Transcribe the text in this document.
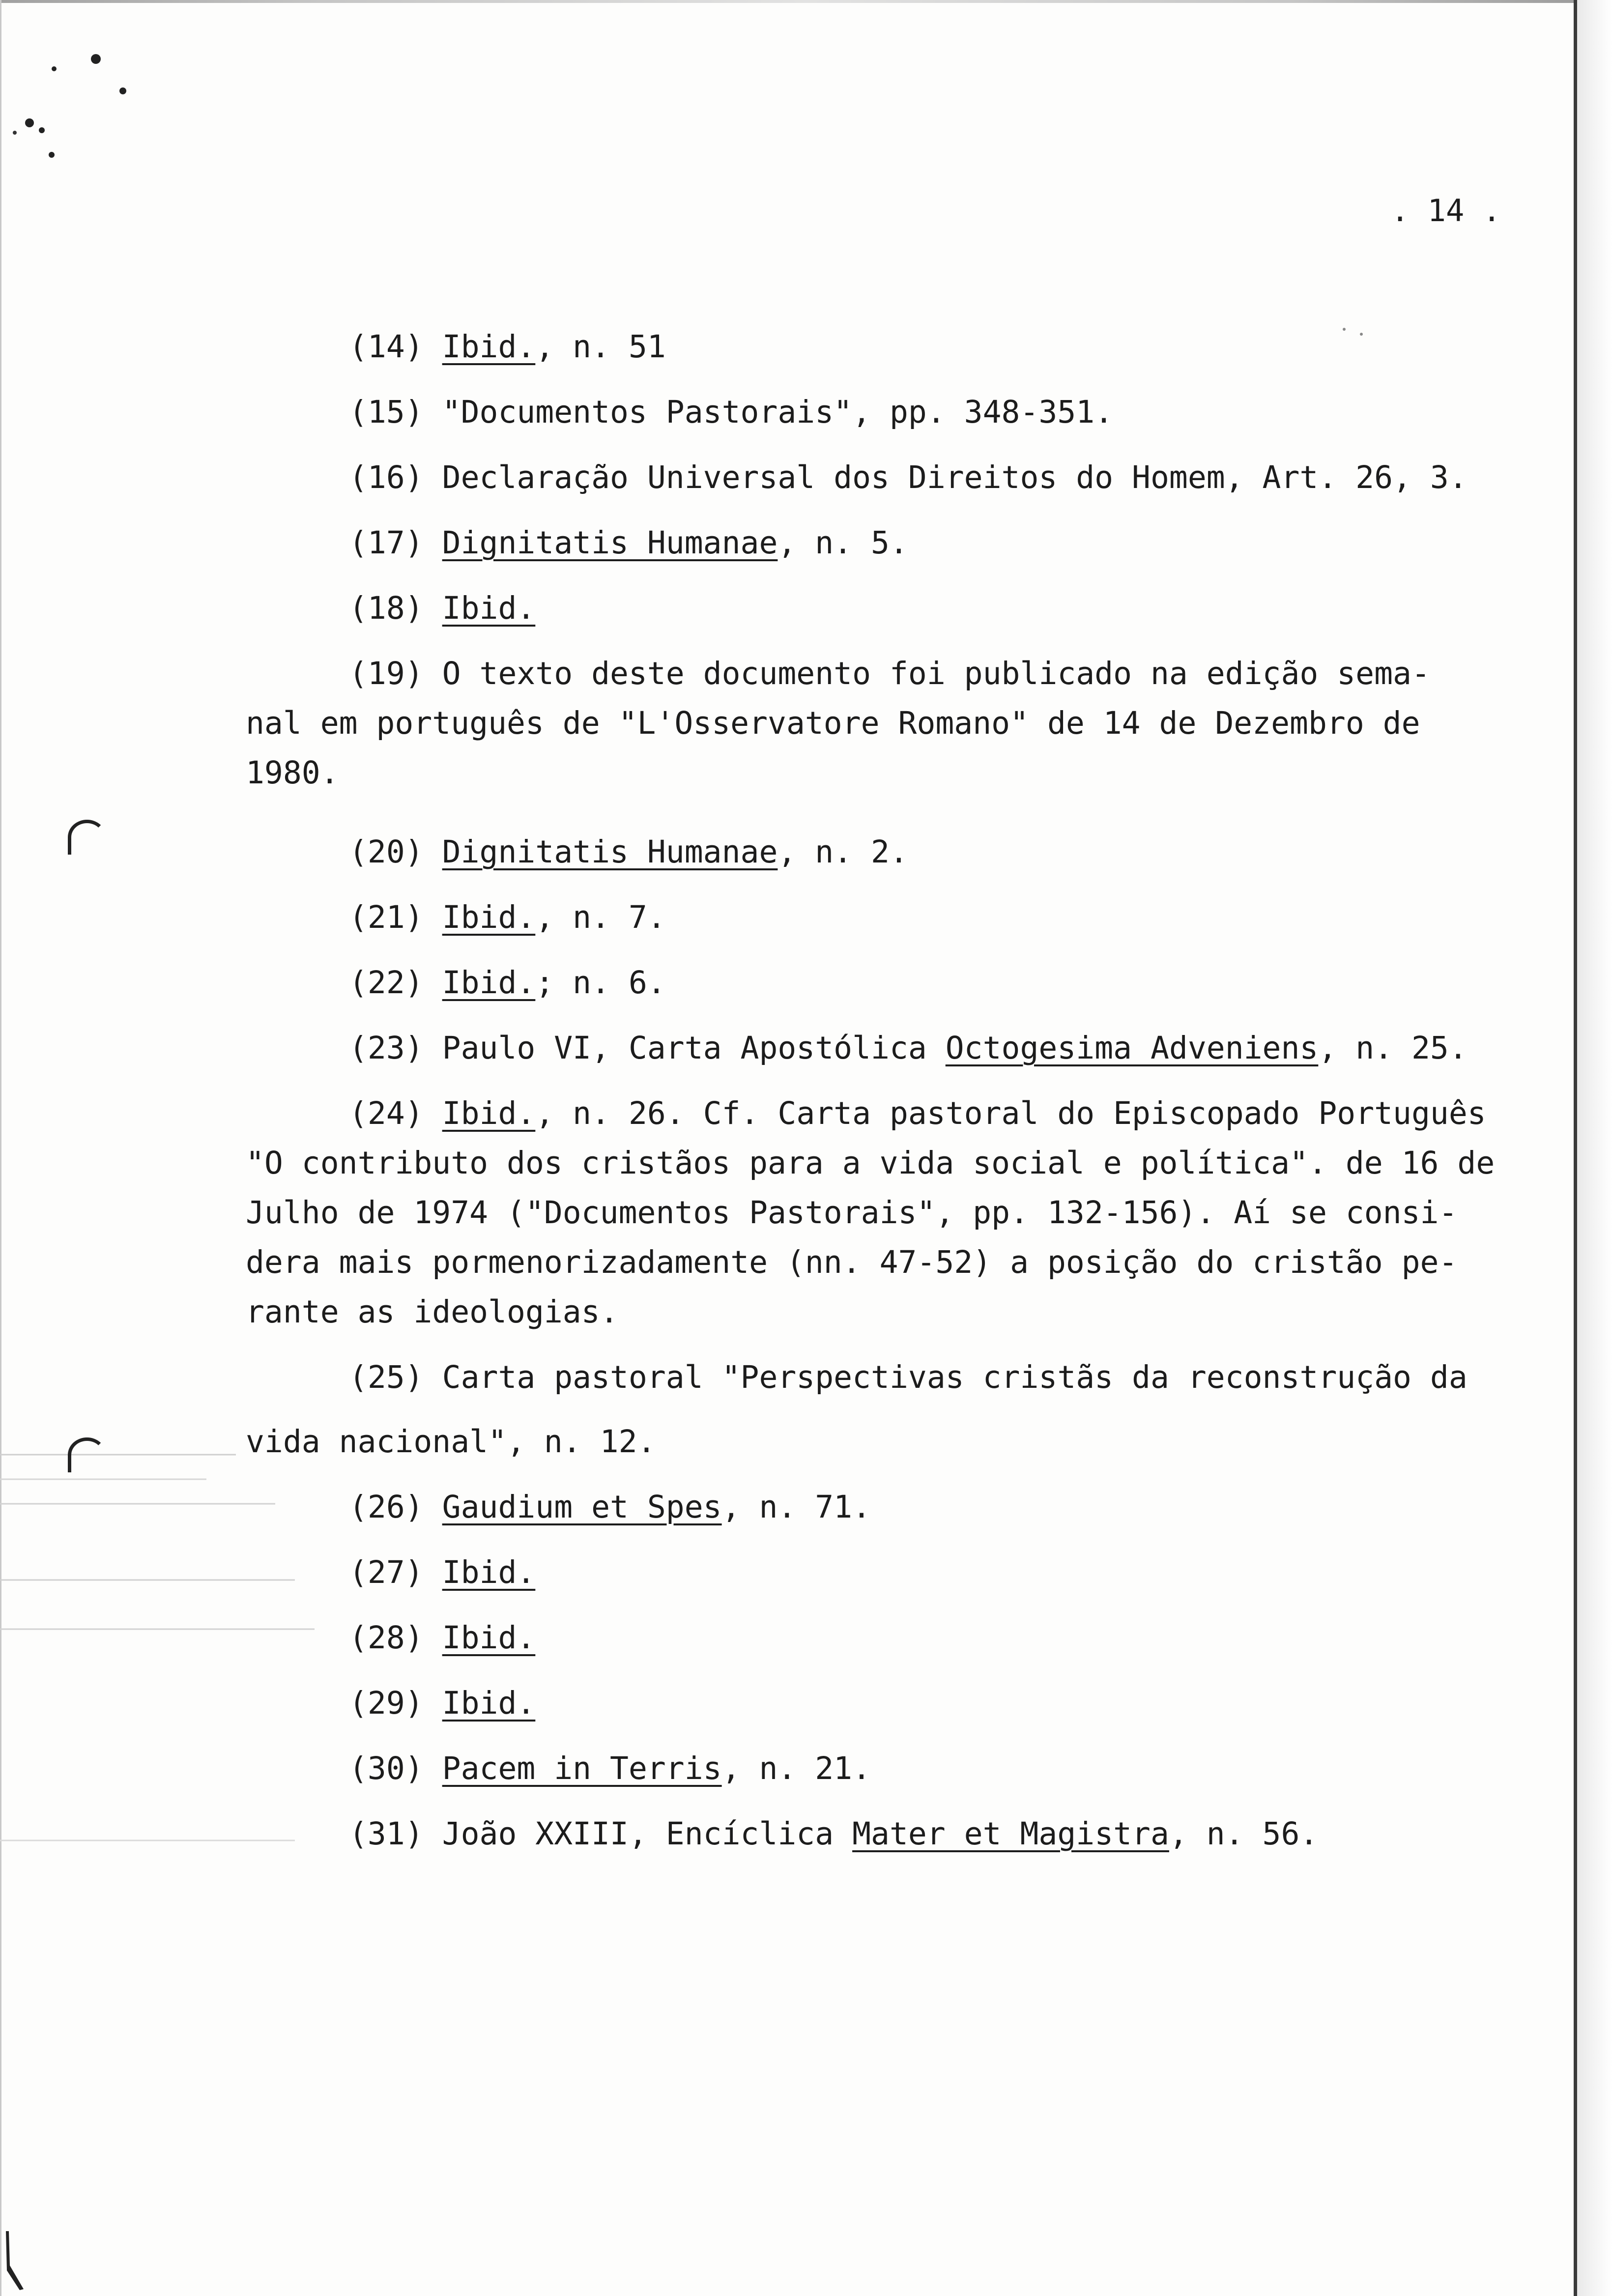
. 14 .

(14) Ibid., n. 51

(15) "Documentos Pastorais", pp. 348-351.

(16) Declaração Universal dos Direitos do Homem, Art. 26, 3.

(17) Dignitatis Humanae, n. 5.

(18) Ibid.

(19) O texto deste documento foi publicado na edição sema-

nal em português de "L'Osservatore Romano" de 14 de Dezembro de
1980.

(20) Dignitatis Humanae, n. 2.

(21) Ibid., n. 7.

(22) Ibid.; n. 6.

(23) Paulo VI, Carta Apostólica Octogesima Adveniens, n. 25.

(24) Ibid., n. 26. Cf. Carta pastoral do Episcopado Português

"O contributo dos cristãos para a vida social e política". de 16 de
Julho de 1974 ("Documentos Pastorais", pp. 132-156). Aí se consi-
dera mais pormenorizadamente (nn. 47-52) a posição do cristão pe-
rante as ideologias.

(25) Carta pastoral "Perspectivas cristãs da reconstrução da

vida nacional", n. 12.

(26) Gaudium et Spes, n. 71.

(27) Ibid.

(28) Ibid.

(29) Ibid.

(30) Pacem in Terris, n. 21.

(31) João XXIII, Encíclica Mater et Magistra, n. 56.
